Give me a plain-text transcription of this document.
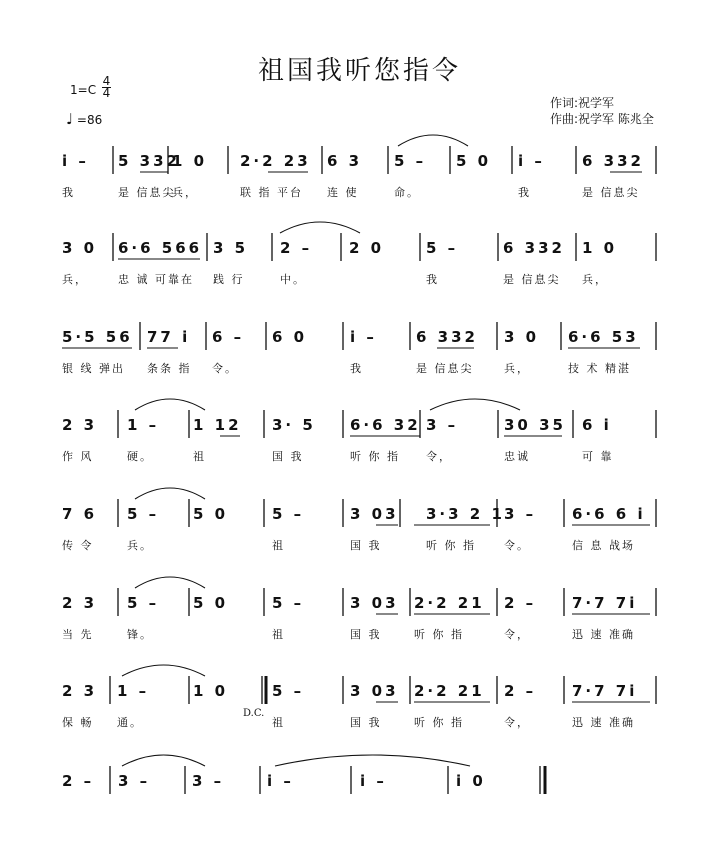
祖国我听您指令
1=C
4
4
♩ =86
作词:祝学军
作曲:祝学军 陈兆全
D.C.
i – 5 332
1 0 2·2 23 6 3 5 – 5 0 i – 6 332
我	是 信息尖
兵，	联 指 平台 连 使	命。	我	是 信息尖
3 0 6·6 566 3 5 2 – 2 0	5 –	6 332 1 0
兵，	忠 诚 可靠在 践 行	中。	我	是 信息尖 兵，
5·5 56 77 i 6 – 6 0	i –	6 332 3 0 6·6 53
银 线 弹出 条条 指 令。	我	是 信息尖	兵，	技 术 精湛
2 3 1 – 1 12 3· 5 6·6 32 3 –	30 35 6 i
作 风	硬。	祖	国 我	听 你 指 令，	忠诚	可 靠
7 6 5 – 5 0	5 –	3 03 3·3 2 1 3 – 6·6 6 i
传 令	兵。	祖	国 我	听 你 指	令。	信 息 战场
2 3 5 – 5 0	5 –	3 03 2·2 21 2 – 7·7 7i
当 先	锋。	祖	国 我	听 你 指	令，	迅 速 准确
2 3 1 –	1 0	5 –	3 03 2·2 21 2 – 7·7 7i
保 畅 通。	祖	国 我	听 你 指	令，	迅 速 准确
2 – 3 –	3 –	i –	i –	i 0
